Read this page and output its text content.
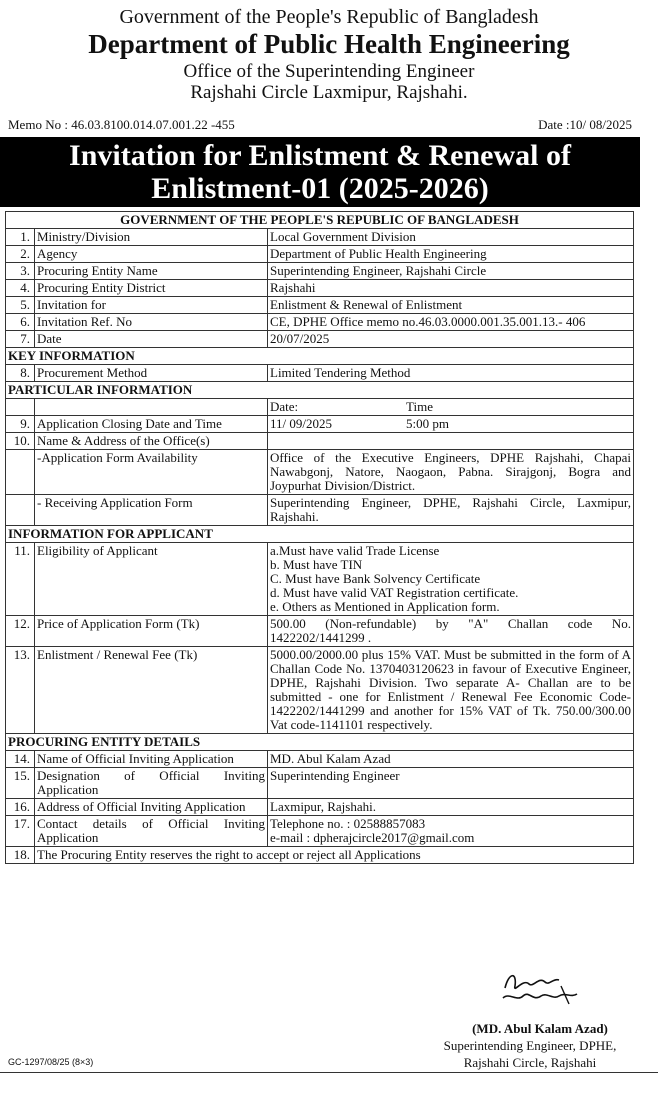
Government of the People's Republic of Bangladesh
Department of Public Health Engineering
Office of the Superintending Engineer
Rajshahi Circle Laxmipur, Rajshahi.
Memo No : 46.03.8100.014.07.001.22 -455	Date :10/ 08/2025
Invitation for Enlistment & Renewal of
Enlistment-01 (2025-2026)
GOVERNMENT OF THE PEOPLE'S REPUBLIC OF BANGLADESH		
1.	Ministry/Division	Local Government Division
2.	Agency	Department of Public Health Engineering
3.	Procuring Entity Name	Superintending Engineer, Rajshahi Circle
4.	Procuring Entity District	Rajshahi
5.	Invitation for	Enlistment & Renewal of Enlistment
6.	Invitation Ref. No	CE, DPHE Office memo no.46.03.0000.001.35.001.13.- 406
7.	Date	20/07/2025
KEY INFORMATION		
8.	Procurement Method	Limited Tendering Method
PARTICULAR INFORMATION		
		Date: Time
9.	Application Closing Date and Time	11/ 09/2025 5:00 pm
10.	Name & Address of the Office(s)	
	-Application Form Availability	Office of the Executive Engineers, DPHE Rajshahi, Chapai Nawabgonj, Natore, Naogaon, Pabna. Sirajgonj, Bogra and Joypurhat Division/District.
	- Receiving Application Form	Superintending Engineer, DPHE, Rajshahi Circle, Laxmipur, Rajshahi.
INFORMATION FOR APPLICANT		
11.	Eligibility of Applicant	a.Must have valid Trade License
b. Must have TIN
C. Must have Bank Solvency Certificate
d. Must have valid VAT Registration certificate.
e. Others as Mentioned in Application form.

12.	Price of Application Form (Tk)	500.00 (Non-refundable) by "A" Challan code No. 1422202/1441299 .
13.	Enlistment / Renewal Fee (Tk)	5000.00/2000.00 plus 15% VAT. Must be submitted in the form of A Challan Code No. 1370403120623 in favour of Executive Engineer, DPHE, Rajshahi Division. Two separate A- Challan are to be submitted - one for Enlistment / Renewal Fee Economic Code-1422202/1441299 and another for 15% VAT of Tk. 750.00/300.00 Vat code-1141101 respectively.
PROCURING ENTITY DETAILS		
14.	Name of Official Inviting Application	MD. Abul Kalam Azad
15.	Designation of Official Inviting Application	Superintending Engineer
16.	Address of Official Inviting Application	Laxmipur, Rajshahi.
17.	Contact details of Official Inviting Application	Telephone no. : 02588857083
e-mail : dpherajcircle2017@gmail.com

18.	The Procuring Entity reserves the right to accept or reject all Applications	
(MD. Abul Kalam Azad)
Superintending Engineer, DPHE,
Rajshahi Circle, Rajshahi
GC-1297/08/25 (8×3)
